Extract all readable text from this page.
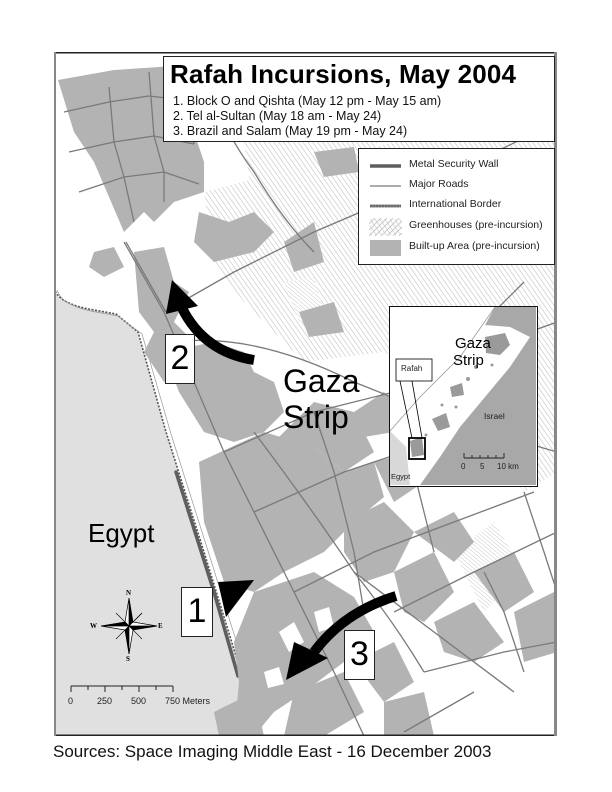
Rafah Incursions, May 2004
1. Block O and Qishta (May 12 pm - May 15 am)
2. Tel al-Sultan (May 18 am - May 24)
3. Brazil and Salam (May 19 pm - May 24)
Metal Security Wall
Major Roads
International Border
Greenhouses (pre-incursion)
Built-up Area (pre-incursion)
Gaza
Strip
Egypt
2
1
3
Gaza
Strip
Rafah
Israel
Egypt
0 5 10 km
N
S
E
W
0	250 500 750 Meters
Sources: Space Imaging Middle East - 16 December 2003
